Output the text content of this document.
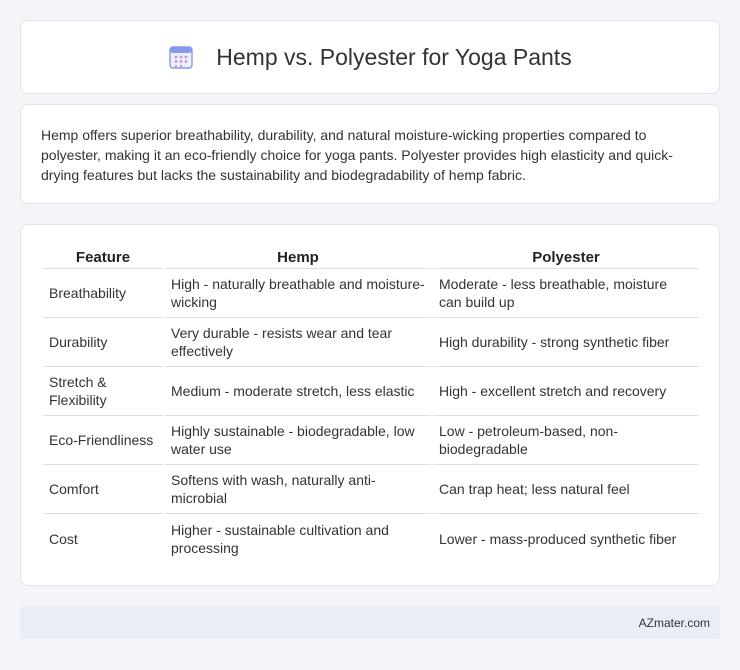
Hemp vs. Polyester for Yoga Pants

Hemp offers superior breathability, durability, and natural moisture-wicking properties compared to polyester, making it an eco-friendly choice for yoga pants. Polyester provides high elasticity and quick-drying features but lacks the sustainability and biodegradability of hemp fabric.

Feature	Hemp	Polyester
Breathability	High - naturally breathable and moisture-wicking	Moderate - less breathable, moisture can build up
Durability	Very durable - resists wear and tear effectively	High durability - strong synthetic fiber
Stretch & Flexibility	Medium - moderate stretch, less elastic	High - excellent stretch and recovery
Eco-Friendliness	Highly sustainable - biodegradable, low water use	Low - petroleum-based, non-biodegradable
Comfort	Softens with wash, naturally anti-microbial	Can trap heat; less natural feel
Cost	Higher - sustainable cultivation and processing	Lower - mass-produced synthetic fiber
AZmater.com
